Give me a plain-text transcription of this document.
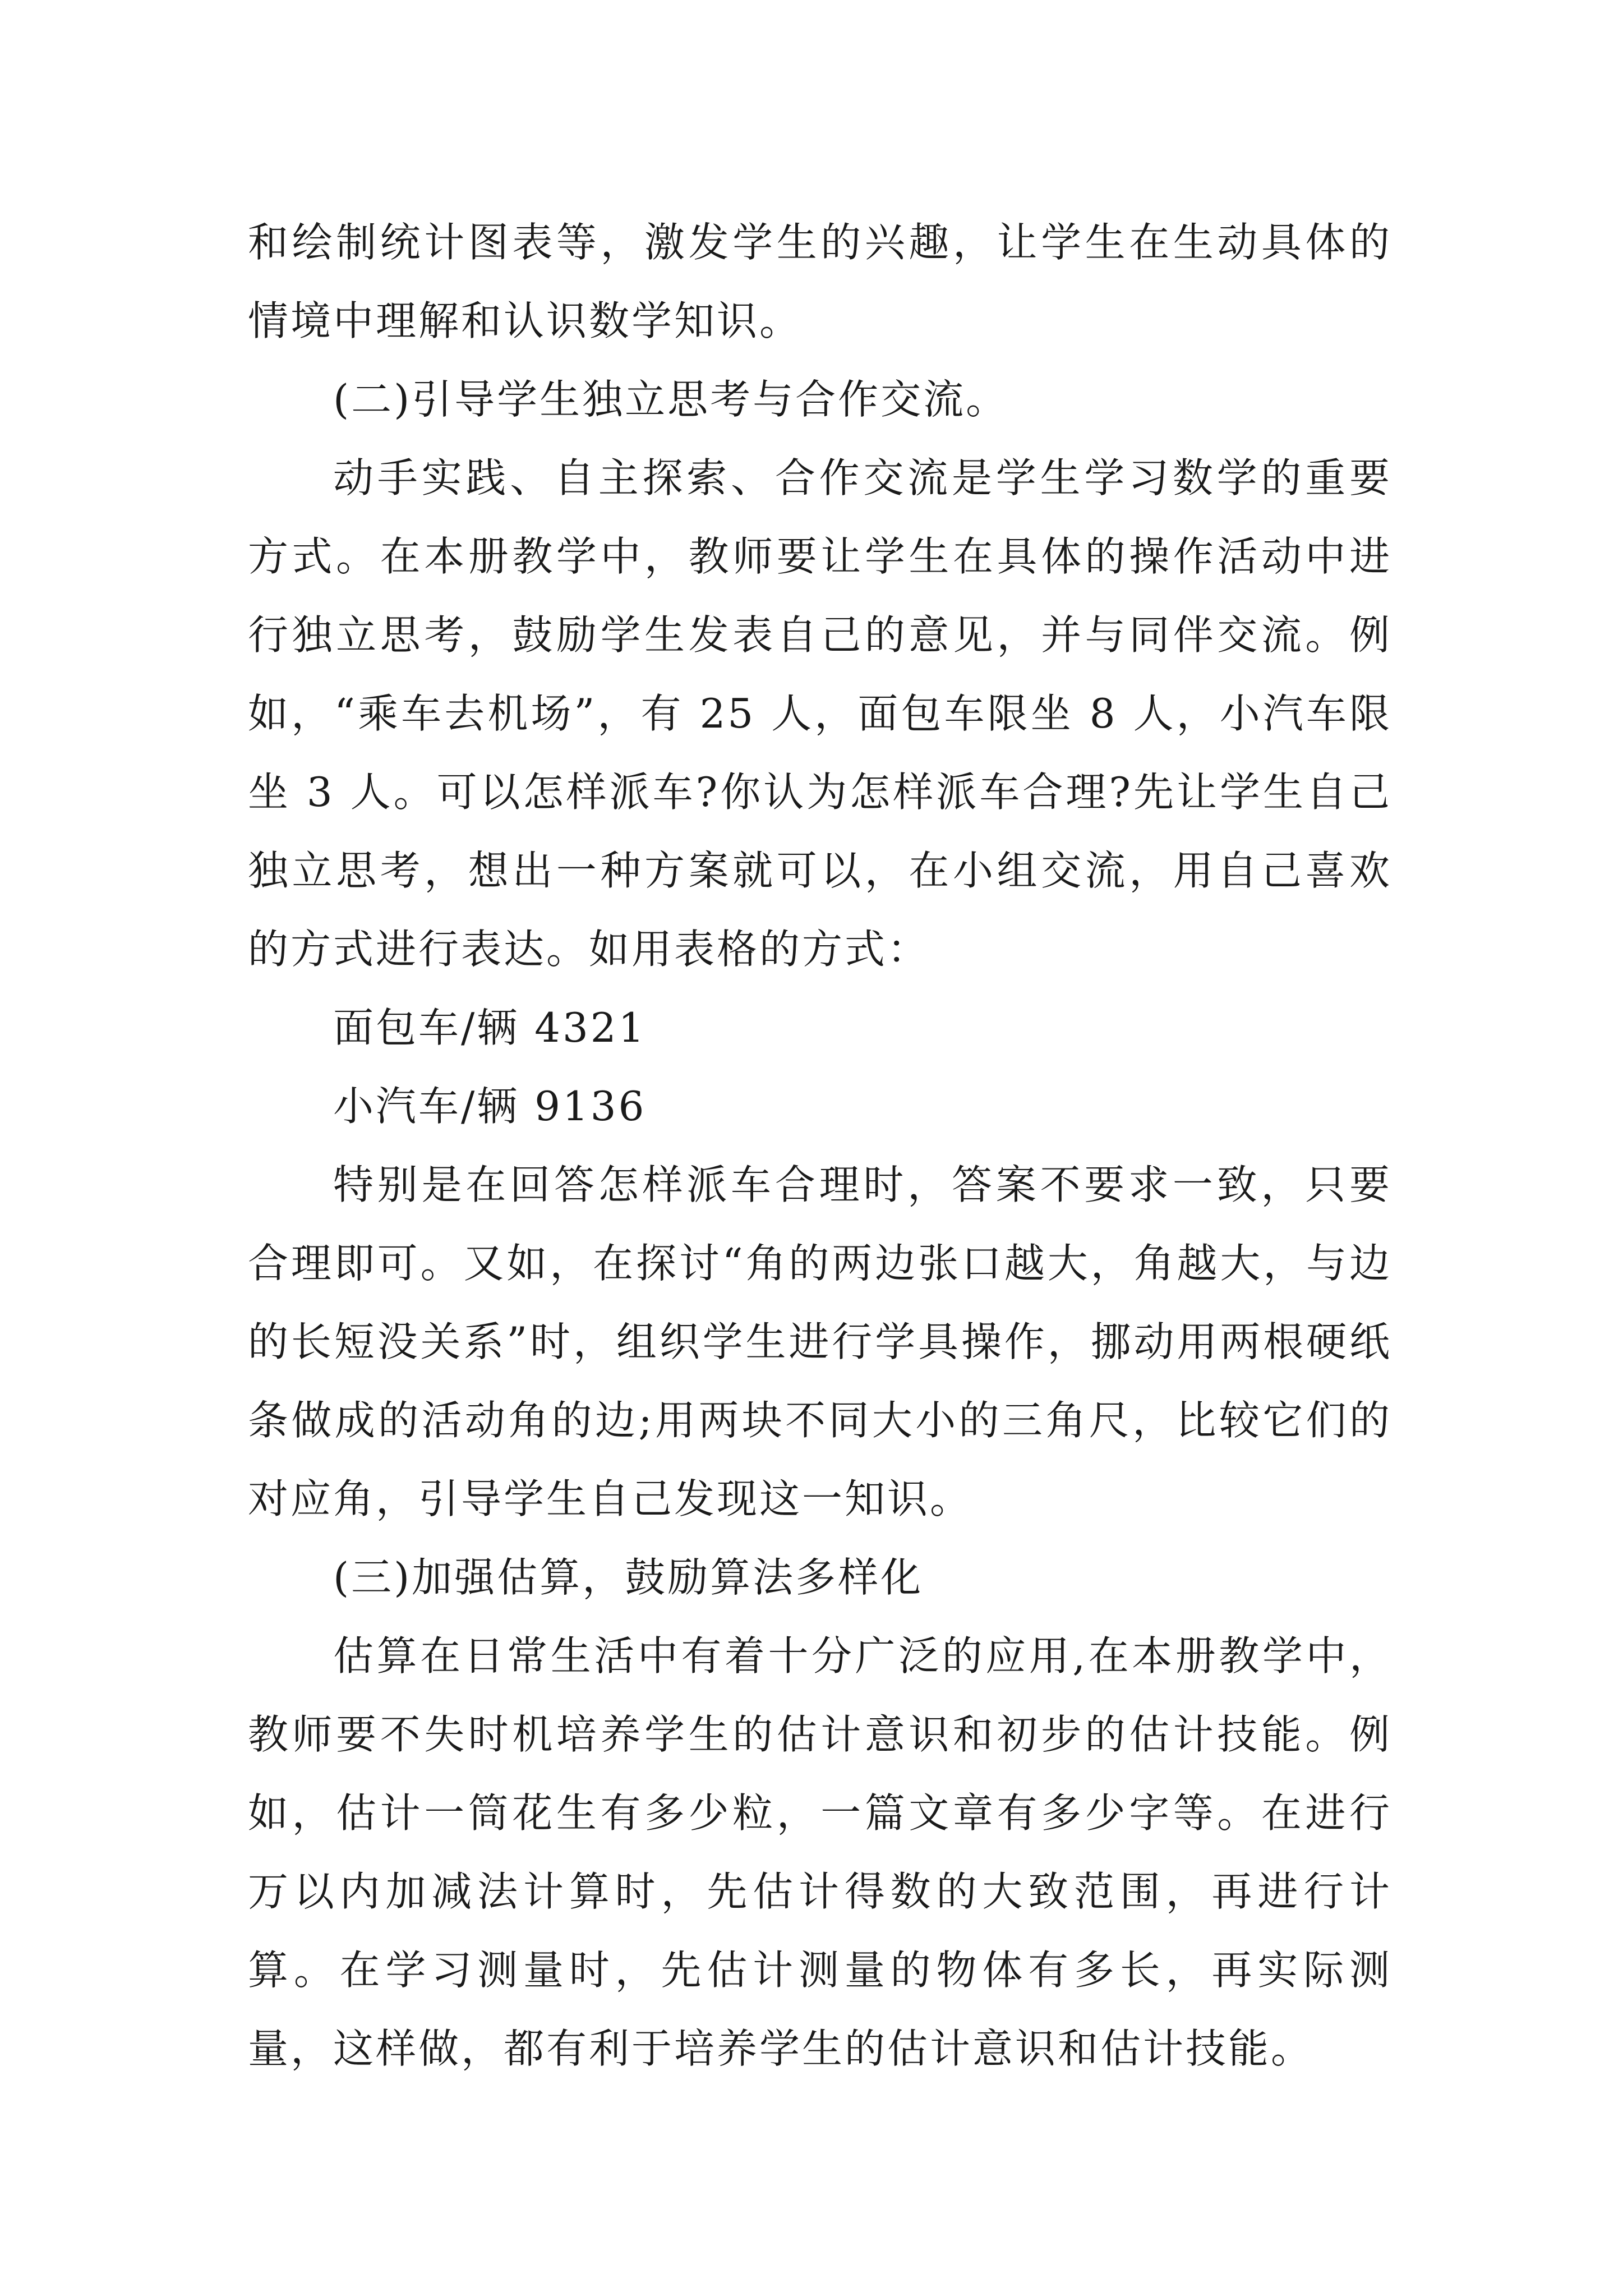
和绘制统计图表等，激发学生的兴趣，让学生在生动具体的情境中理解和认识数学知识。

(二)引导学生独立思考与合作交流。

动手实践、自主探索、合作交流是学生学习数学的重要方式。在本册教学中，教师要让学生在具体的操作活动中进行独立思考，鼓励学生发表自己的意见，并与同伴交流。例如，“乘车去机场”，有 25 人，面包车限坐 8 人，小汽车限坐 3 人。可以怎样派车?你认为怎样派车合理?先让学生自己独立思考，想出一种方案就可以，在小组交流，用自己喜欢的方式进行表达。如用表格的方式：

面包车/辆 4321

小汽车/辆 9136

特别是在回答怎样派车合理时，答案不要求一致，只要合理即可。又如，在探讨“角的两边张口越大，角越大，与边的长短没关系”时，组织学生进行学具操作，挪动用两根硬纸条做成的活动角的边;用两块不同大小的三角尺，比较它们的对应角，引导学生自己发现这一知识。

(三)加强估算，鼓励算法多样化

估算在日常生活中有着十分广泛的应用,在本册教学中，教师要不失时机培养学生的估计意识和初步的估计技能。例如，估计一筒花生有多少粒，一篇文章有多少字等。在进行万以内加减法计算时，先估计得数的大致范围，再进行计算。在学习测量时，先估计测量的物体有多长，再实际测量，这样做，都有利于培养学生的估计意识和估计技能。
